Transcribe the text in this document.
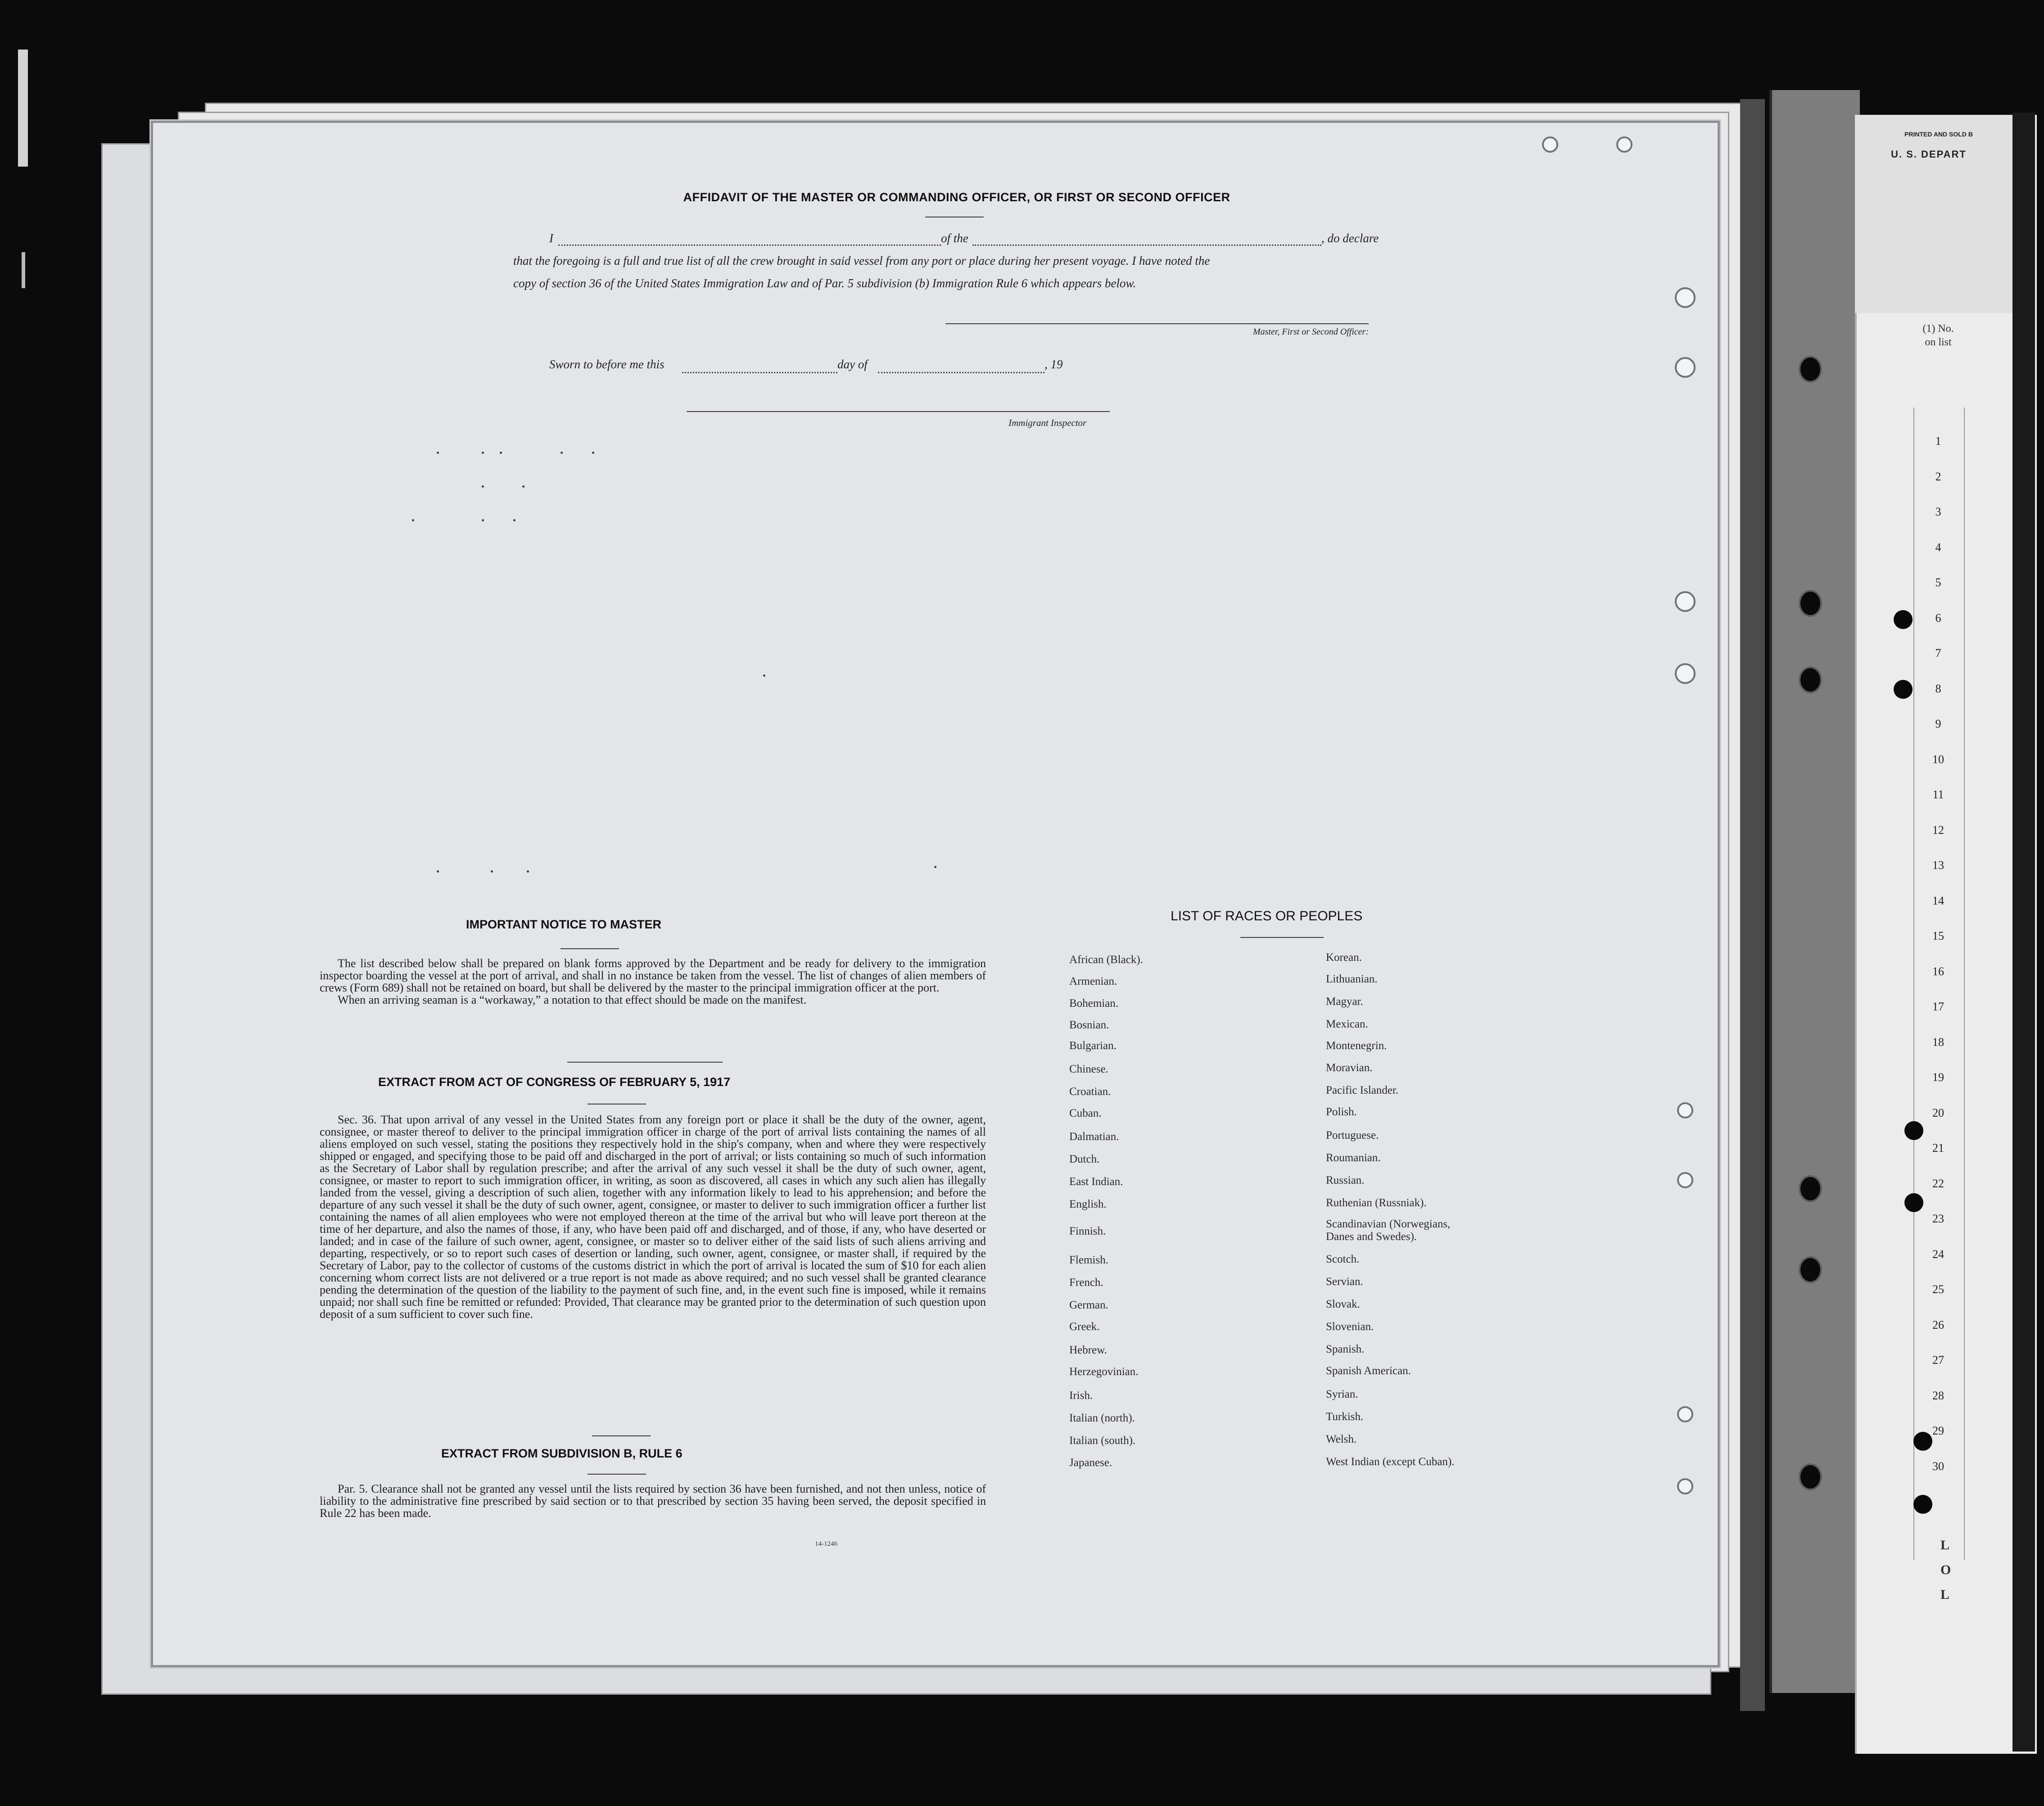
PRINTED AND SOLD B
U. S. DEPART
(1) No. on list
L
O
L
AFFIDAVIT OF THE MASTER OR COMMANDING OFFICER, OR FIRST OR SECOND OFFICER
I	of the	, do declare
that the foregoing is a full and true list of all the crew brought in said vessel from any port or place during her present voyage. I have noted the
copy of section 36 of the United States Immigration Law and of Par. 5 subdivision (b) Immigration Rule 6 which appears below.
Master, First or Second Officer:
Sworn to before me this	day of	, 19
Immigrant Inspector
IMPORTANT NOTICE TO MASTER

The list described below shall be prepared on blank forms approved by the Department and be ready for delivery to the immigration inspector boarding the vessel at the port of arrival, and shall in no instance be taken from the vessel. The list of changes of alien members of crews (Form 689) shall not be retained on board, but shall be delivered by the master to the principal immigration officer at the port.

When an arriving seaman is a “workaway,” a notation to that effect should be made on the manifest.

EXTRACT FROM ACT OF CONGRESS OF FEBRUARY 5, 1917

Sec. 36. That upon arrival of any vessel in the United States from any foreign port or place it shall be the duty of the owner, agent, consignee, or master thereof to deliver to the principal immigration officer in charge of the port of arrival lists containing the names of all aliens employed on such vessel, stating the positions they respectively hold in the ship's company, when and where they were respectively shipped or engaged, and specifying those to be paid off and discharged in the port of arrival; or lists containing so much of such information as the Secretary of Labor shall by regulation prescribe; and after the arrival of any such vessel it shall be the duty of such owner, agent, consignee, or master to report to such immigration officer, in writing, as soon as discovered, all cases in which any such alien has illegally landed from the vessel, giving a description of such alien, together with any information likely to lead to his apprehension; and before the departure of any such vessel it shall be the duty of such owner, agent, consignee, or master to deliver to such immigration officer a further list containing the names of all alien employees who were not employed thereon at the time of the arrival but who will leave port thereon at the time of her departure, and also the names of those, if any, who have been paid off and discharged, and of those, if any, who have deserted or landed; and in case of the failure of such owner, agent, consignee, or master so to deliver either of the said lists of such aliens arriving and departing, respectively, or so to report such cases of desertion or landing, such owner, agent, consignee, or master shall, if required by the Secretary of Labor, pay to the collector of customs of the customs district in which the port of arrival is located the sum of $10 for each alien concerning whom correct lists are not delivered or a true report is not made as above required; and no such vessel shall be granted clearance pending the determination of the question of the liability to the payment of such fine, and, in the event such fine is imposed, while it remains unpaid; nor shall such fine be remitted or refunded: Provided, That clearance may be granted prior to the determination of such question upon deposit of a sum sufficient to cover such fine.

EXTRACT FROM SUBDIVISION B, RULE 6

Par. 5. Clearance shall not be granted any vessel until the lists required by section 36 have been furnished, and not then unless, notice of liability to the administrative fine prescribed by said section or to that prescribed by section 35 having been served, the deposit specified in Rule 22 has been made.

14-1246
LIST OF RACES OR PEOPLES
African (Black).
Armenian.
Bohemian.
Bosnian.
Bulgarian.
Chinese.
Croatian.
Cuban.
Dalmatian.
Dutch.
East Indian.
English.
Finnish.
Flemish.
French.
German.
Greek.
Hebrew.
Herzegovinian.
Irish.
Italian (north).
Italian (south).
Japanese.
Korean.
Lithuanian.
Magyar.
Mexican.
Montenegrin.
Moravian.
Pacific Islander.
Polish.
Portuguese.
Roumanian.
Russian.
Ruthenian (Russniak).
Scandinavian (Norwegians, Danes and Swedes).
Scotch.
Servian.
Slovak.
Slovenian.
Spanish.
Spanish American.
Syrian.
Turkish.
Welsh.
West Indian (except Cuban).
1
2
3
4
5
6
7
8
9
10
11
12
13
14
15
16
17
18
19
20
21
22
23
24
25
26
27
28
29
30
